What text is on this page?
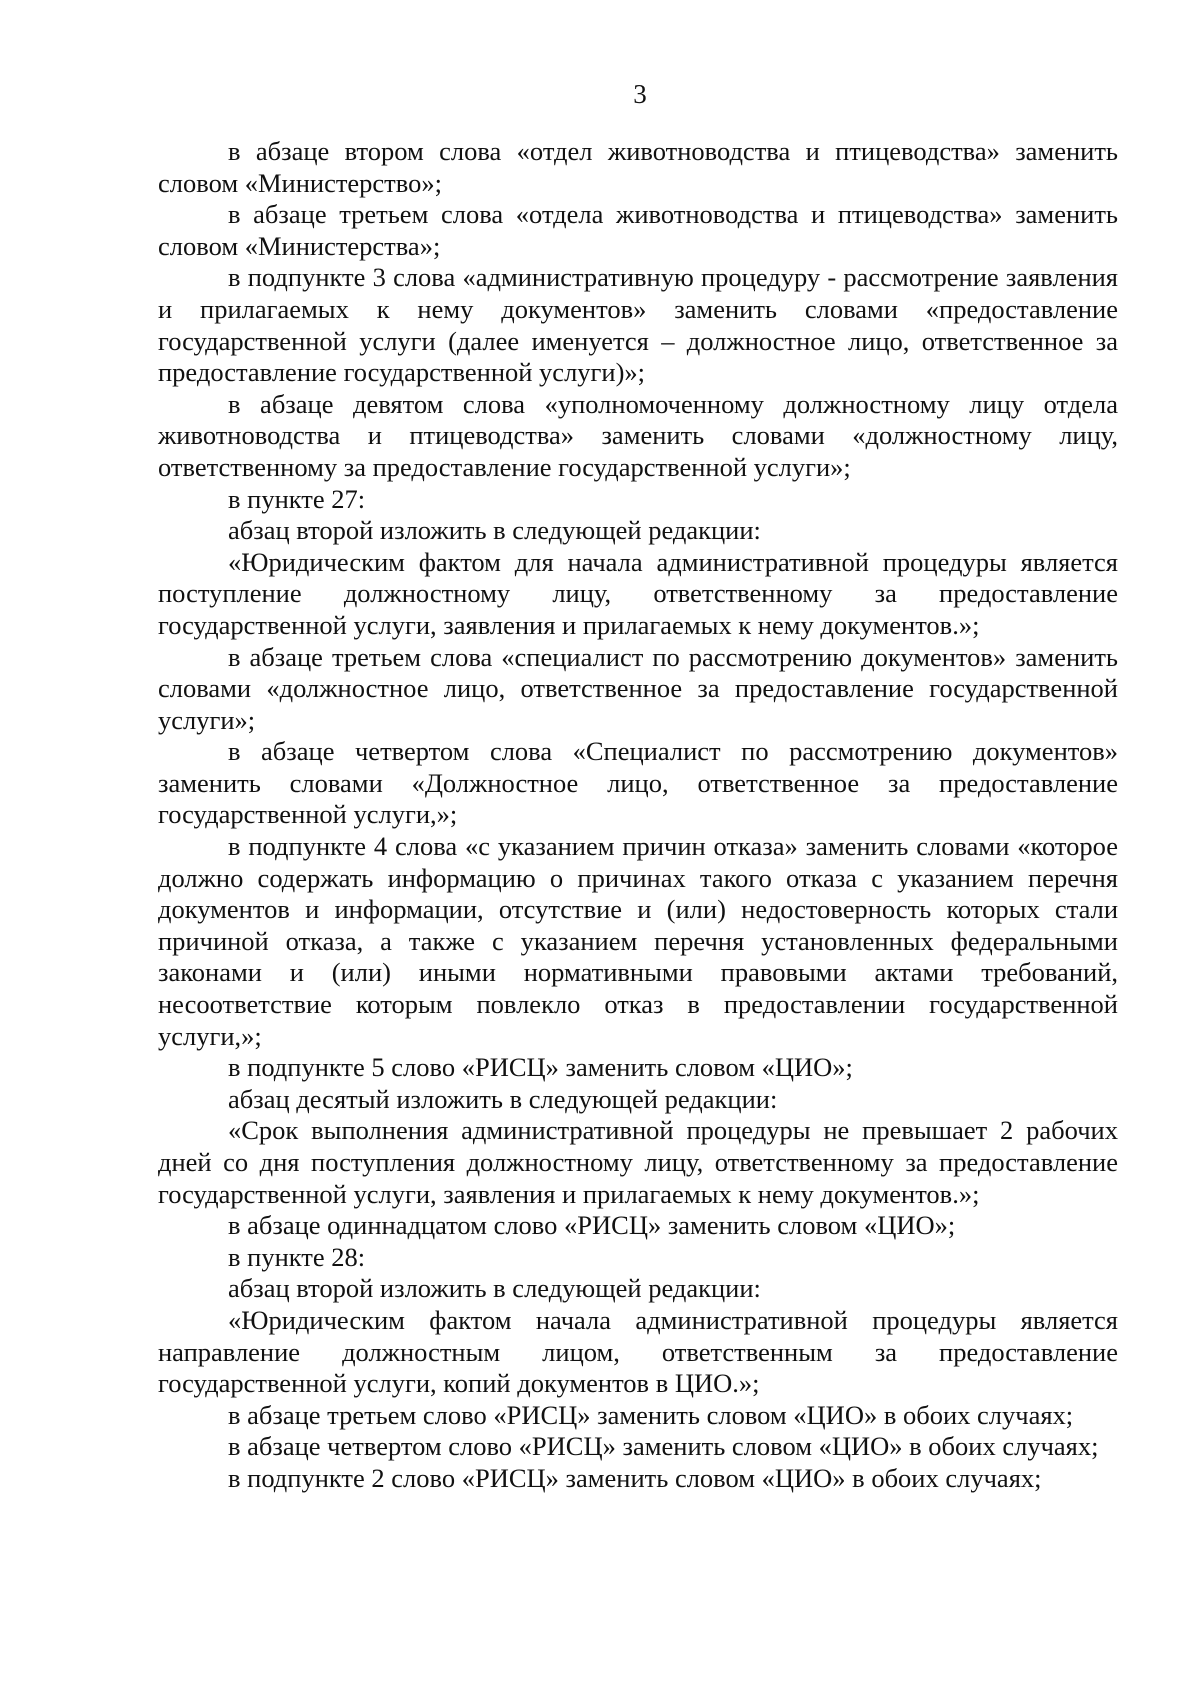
3

в абзаце втором слова «отдел животноводства и птицеводства» заменить словом «Министерство»;

в абзаце третьем слова «отдела животноводства и птицеводства» заменить словом «Министерства»;

в подпункте 3 слова «административную процедуру - рассмотрение заявления и прилагаемых к нему документов» заменить словами «предоставление государственной услуги (далее именуется – должностное лицо, ответственное за предоставление государственной услуги)»;

в абзаце девятом слова «уполномоченному должностному лицу отдела животноводства и птицеводства» заменить словами «должностному лицу, ответственному за предоставление государственной услуги»;

в пункте 27:

абзац второй изложить в следующей редакции:

«Юридическим фактом для начала административной процедуры является поступление должностному лицу, ответственному за предоставление государственной услуги, заявления и прилагаемых к нему документов.»;

в абзаце третьем слова «специалист по рассмотрению документов» заменить словами «должностное лицо, ответственное за предоставление государственной услуги»;

в абзаце четвертом слова «Специалист по рассмотрению документов» заменить словами «Должностное лицо, ответственное за предоставление государственной услуги,»;

в подпункте 4 слова «с указанием причин отказа» заменить словами «которое должно содержать информацию о причинах такого отказа с указанием перечня документов и информации, отсутствие и (или) недостоверность которых стали причиной отказа, а также с указанием перечня установленных федеральными законами и (или) иными нормативными правовыми актами требований, несоответствие которым повлекло отказ в предоставлении государственной услуги,»;

в подпункте 5 слово «РИСЦ» заменить словом «ЦИО»;

абзац десятый изложить в следующей редакции:

«Срок выполнения административной процедуры не превышает 2 рабочих дней со дня поступления должностному лицу, ответственному за предоставление государственной услуги, заявления и прилагаемых к нему документов.»;

в абзаце одиннадцатом слово «РИСЦ» заменить словом «ЦИО»;

в пункте 28:

абзац второй изложить в следующей редакции:

«Юридическим фактом начала административной процедуры является направление должностным лицом, ответственным за предоставление государственной услуги, копий документов в ЦИО.»;

в абзаце третьем слово «РИСЦ» заменить словом «ЦИО» в обоих случаях;

в абзаце четвертом слово «РИСЦ» заменить словом «ЦИО» в обоих случаях;

в подпункте 2 слово «РИСЦ» заменить словом «ЦИО» в обоих случаях;
